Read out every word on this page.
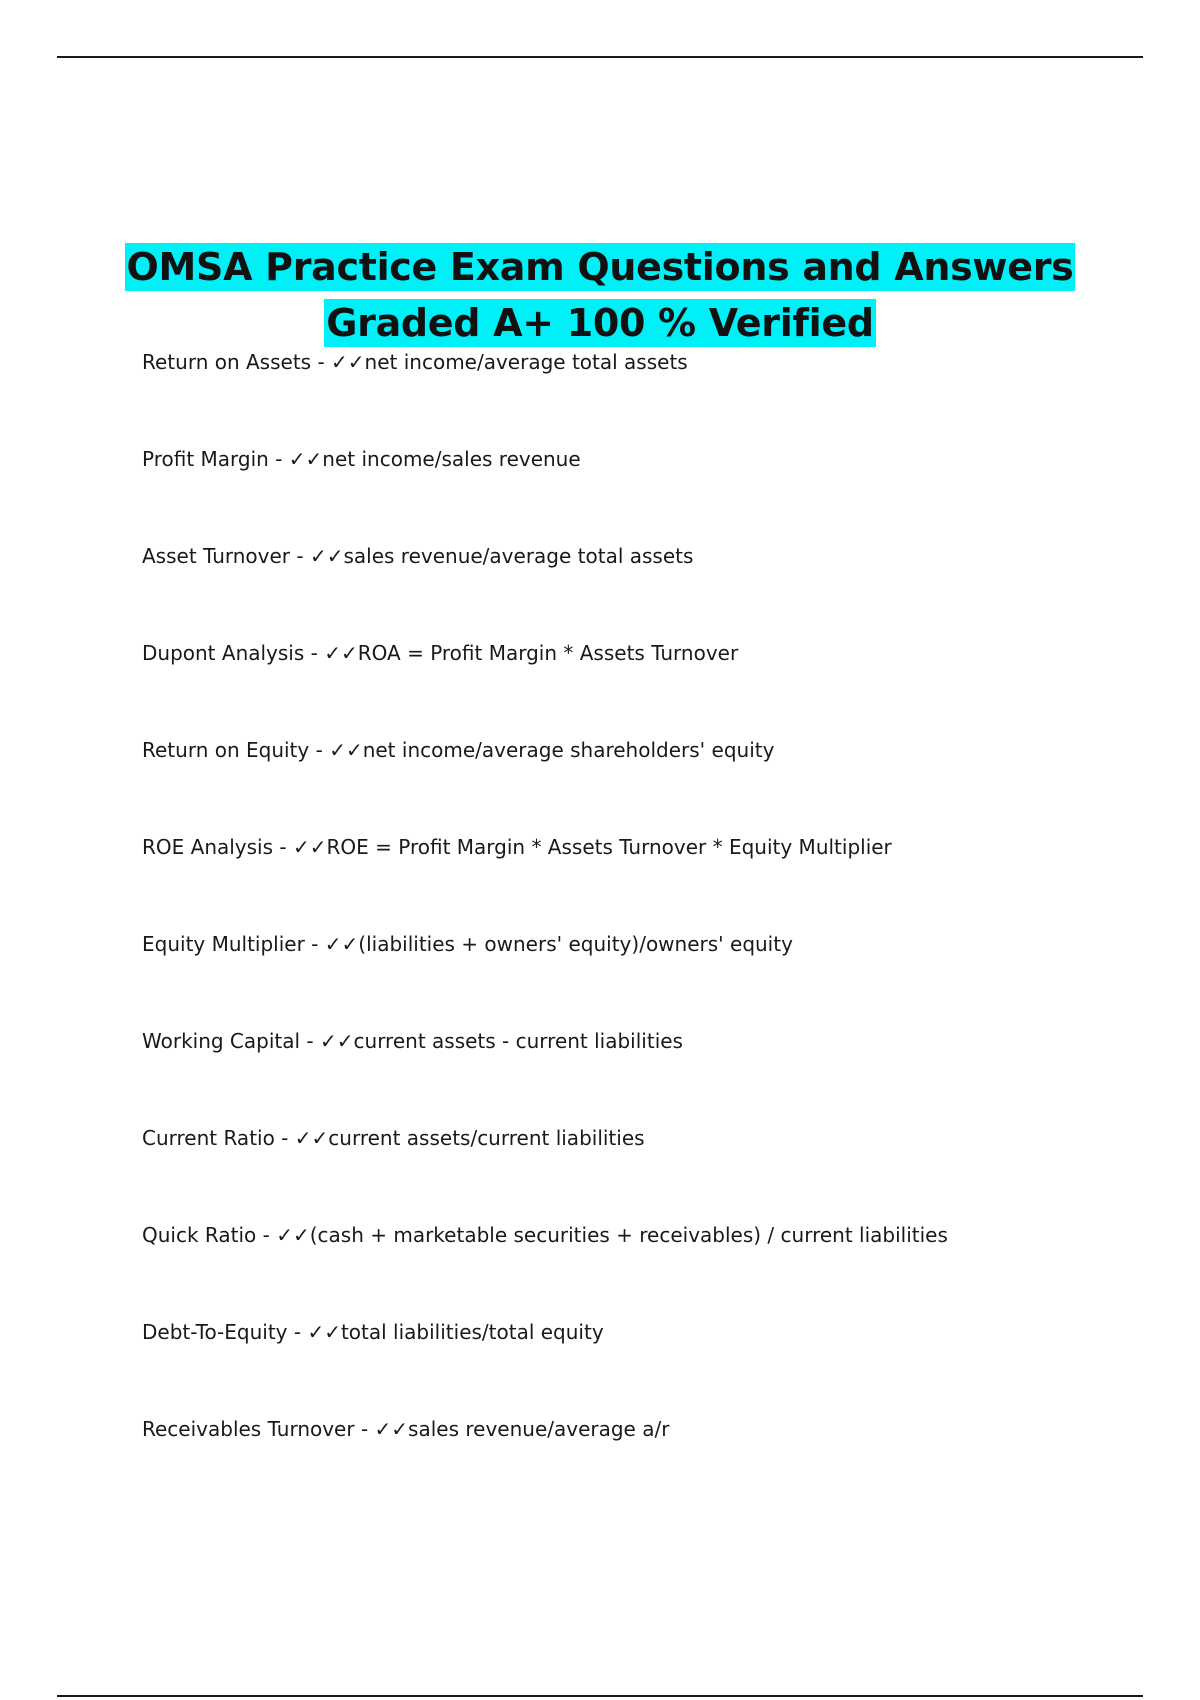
OMSA Practice Exam Questions and Answers
Graded A+ 100 % Verified
Return on Assets - ✓✓net income/average total assets
Profit Margin - ✓✓net income/sales revenue
Asset Turnover - ✓✓sales revenue/average total assets
Dupont Analysis - ✓✓ROA = Profit Margin * Assets Turnover
Return on Equity - ✓✓net income/average shareholders' equity
ROE Analysis - ✓✓ROE = Profit Margin * Assets Turnover * Equity Multiplier
Equity Multiplier - ✓✓(liabilities + owners' equity)/owners' equity
Working Capital - ✓✓current assets - current liabilities
Current Ratio - ✓✓current assets/current liabilities
Quick Ratio - ✓✓(cash + marketable securities + receivables) / current liabilities
Debt-To-Equity - ✓✓total liabilities/total equity
Receivables Turnover - ✓✓sales revenue/average a/r
